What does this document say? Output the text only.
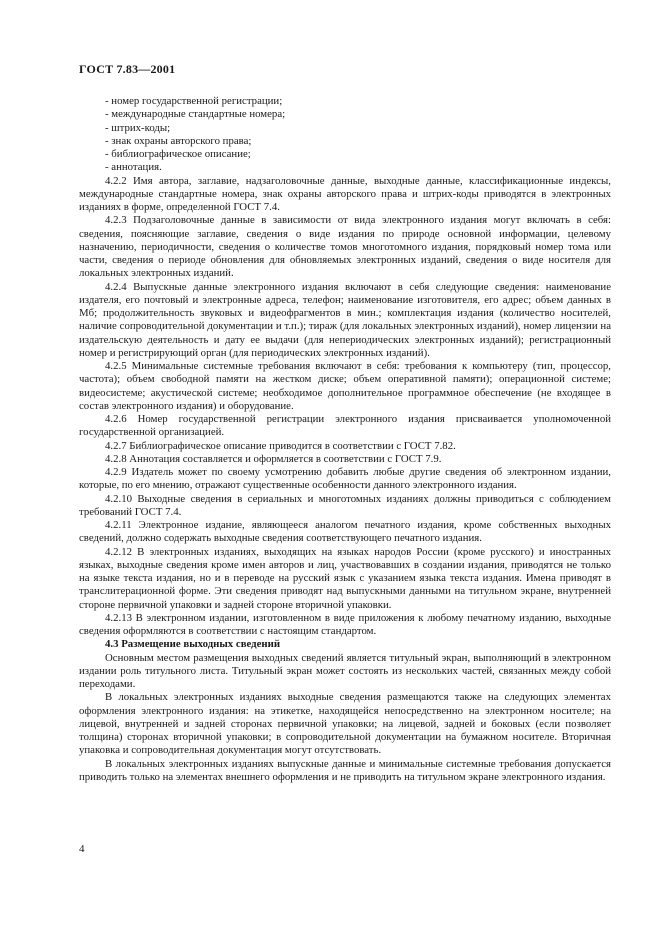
ГОСТ 7.83—2001
- номер государственной регистрации;
- международные стандартные номера;
- штрих-коды;
- знак охраны авторского права;
- библиографическое описание;
- аннотация.

4.2.2 Имя автора, заглавие, надзаголовочные данные, выходные данные, классификационные индексы, международные стандартные номера, знак охраны авторского права и штрих-коды приводятся в электронных изданиях в форме, определенной ГОСТ 7.4.

4.2.3 Подзаголовочные данные в зависимости от вида электронного издания могут включать в себя: сведения, поясняющие заглавие, сведения о виде издания по природе основной информации, целевому назначению, периодичности, сведения о количестве томов многотомного издания, порядковый номер тома или части, сведения о периоде обновления для обновляемых электронных изданий, сведения о виде носителя для локальных электронных изданий.

4.2.4 Выпускные данные электронного издания включают в себя следующие сведения: наименование издателя, его почтовый и электронные адреса, телефон; наименование изготовителя, его адрес; объем данных в Мб; продолжительность звуковых и видеофрагментов в мин.; комплектация издания (количество носителей, наличие сопроводительной документации и т.п.); тираж (для локальных электронных изданий), номер лицензии на издательскую деятельность и дату ее выдачи (для непериодических электронных изданий); регистрационный номер и регистрирующий орган (для периодических электронных изданий).

4.2.5 Минимальные системные требования включают в себя: требования к компьютеру (тип, процессор, частота); объем свободной памяти на жестком диске; объем оперативной памяти); операционной системе; видеосистеме; акустической системе; необходимое дополнительное программное обеспечение (не входящее в состав электронного издания) и оборудование.

4.2.6 Номер государственной регистрации электронного издания присваивается уполномоченной государственной организацией.

4.2.7 Библиографическое описание приводится в соответствии с ГОСТ 7.82.

4.2.8 Аннотация составляется и оформляется в соответствии с ГОСТ 7.9.

4.2.9 Издатель может по своему усмотрению добавить любые другие сведения об электронном издании, которые, по его мнению, отражают существенные особенности данного электронного издания.

4.2.10 Выходные сведения в сериальных и многотомных изданиях должны приводиться с соблюдением требований ГОСТ 7.4.

4.2.11 Электронное издание, являющееся аналогом печатного издания, кроме собственных выходных сведений, должно содержать выходные сведения соответствующего печатного издания.

4.2.12 В электронных изданиях, выходящих на языках народов России (кроме русского) и иностранных языках, выходные сведения кроме имен авторов и лиц, участвовавших в создании издания, приводятся не только на языке текста издания, но и в переводе на русский язык с указанием языка текста издания. Имена приводят в транслитерационной форме. Эти сведения приводят над выпускными данными на титульном экране, внутренней стороне первичной упаковки и задней стороне вторичной упаковки.

4.2.13 В электронном издании, изготовленном в виде приложения к любому печатному изданию, выходные сведения оформляются в соответствии с настоящим стандартом.

4.3 Размещение выходных сведений

Основным местом размещения выходных сведений является титульный экран, выполняющий в электронном издании роль титульного листа. Титульный экран может состоять из нескольких частей, связанных между собой переходами.

В локальных электронных изданиях выходные сведения размещаются также на следующих элементах оформления электронного издания: на этикетке, находящейся непосредственно на электронном носителе; на лицевой, внутренней и задней сторонах первичной упаковки; на лицевой, задней и боковых (если позволяет толщина) сторонах вторичной упаковки; в сопроводительной документации на бумажном носителе. Вторичная упаковка и сопроводительная документация могут отсутствовать.

В локальных электронных изданиях выпускные данные и минимальные системные требования допускается приводить только на элементах внешнего оформления и не приводить на титульном экране электронного издания.

4
